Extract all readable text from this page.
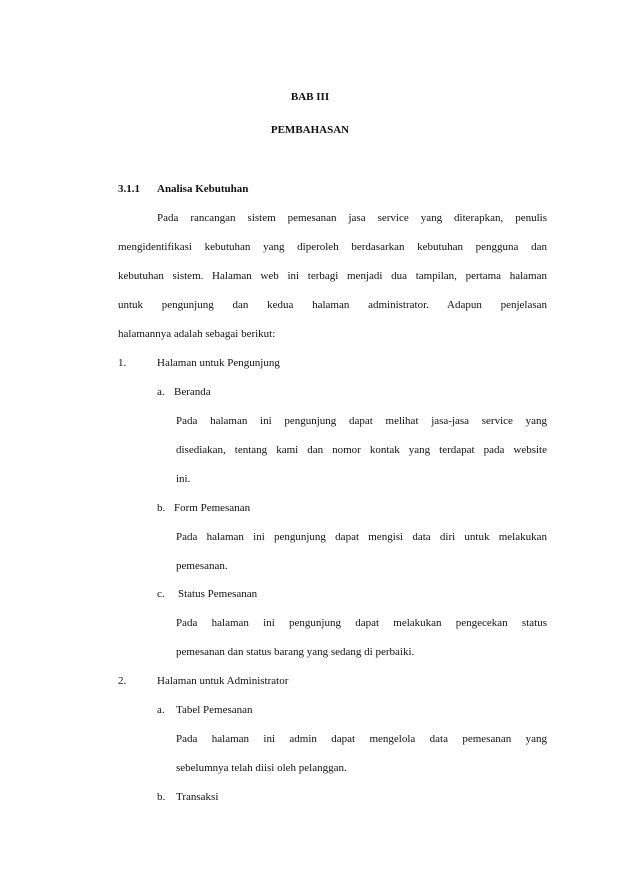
BAB III
PEMBAHASAN
3.1.1 Analisa Kebutuhan
Pada rancangan sistem pemesanan jasa service yang diterapkan, penulis
mengidentifikasi kebutuhan yang diperoleh berdasarkan kebutuhan pengguna dan
kebutuhan sistem. Halaman web ini terbagi menjadi dua tampilan, pertama halaman
untuk pengunjung dan kedua halaman administrator. Adapun penjelasan
halamannya adalah sebagai berikut:
1.	Halaman untuk Pengunjung
a. Beranda
Pada halaman ini pengunjung dapat melihat jasa-jasa service yang
disediakan, tentang kami dan nomor kontak yang terdapat pada website
ini.
b. Form Pemesanan
Pada halaman ini pengunjung dapat mengisi data diri untuk melakukan
pemesanan.
c. Status Pemesanan
Pada halaman ini pengunjung dapat melakukan pengecekan status
pemesanan dan status barang yang sedang di perbaiki.
2.	Halaman untuk Administrator
a. Tabel Pemesanan
Pada halaman ini admin dapat mengelola data pemesanan yang
sebelumnya telah diisi oleh pelanggan.
b. Transaksi
